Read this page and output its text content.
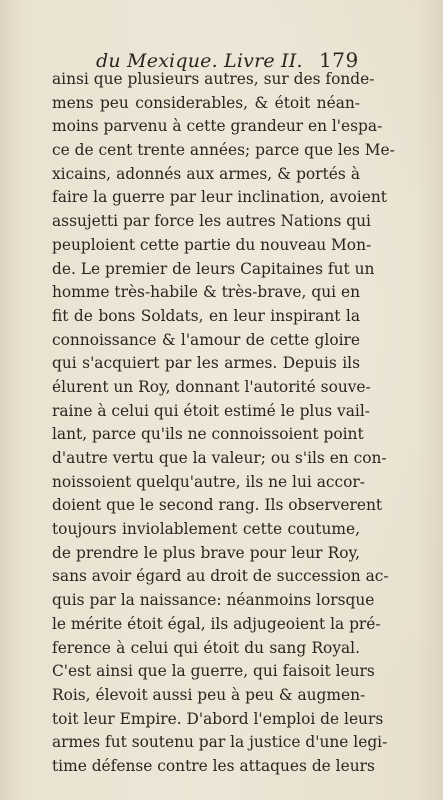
du Mexique. Livre II. 179
ainsi que plusieurs autres, sur des fonde-
mens peu considerables, & étoit néan-
moins parvenu à cette grandeur en l'espa-
ce de cent trente années; parce que les Me-
xicains, adonnés aux armes, & portés à
faire la guerre par leur inclination, avoient
assujetti par force les autres Nations qui
peuploient cette partie du nouveau Mon-
de. Le premier de leurs Capitaines fut un
homme très-habile & très-brave, qui en
fit de bons Soldats, en leur inspirant la
connoissance & l'amour de cette gloire
qui s'acquiert par les armes. Depuis ils
élurent un Roy, donnant l'autorité souve-
raine à celui qui étoit estimé le plus vail-
lant, parce qu'ils ne connoissoient point
d'autre vertu que la valeur; ou s'ils en con-
noissoient quelqu'autre, ils ne lui accor-
doient que le second rang. Ils observerent
toujours inviolablement cette coutume,
de prendre le plus brave pour leur Roy,
sans avoir égard au droit de succession ac-
quis par la naissance: néanmoins lorsque
le mérite étoit égal, ils adjugeoient la pré-
ference à celui qui étoit du sang Royal.
C'est ainsi que la guerre, qui faisoit leurs
Rois, élevoit aussi peu à peu & augmen-
toit leur Empire. D'abord l'emploi de leurs
armes fut soutenu par la justice d'une legi-
time défense contre les attaques de leurs
